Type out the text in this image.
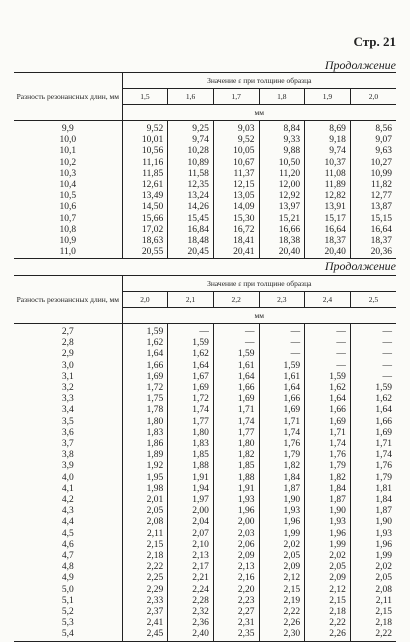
Стр. 21
Продолжение
Разность резонансных длин, мм	Значение ε при толщине образца					
	1,5	1,6	1,7	1,8	1,9	2,0
	мм					
9,9	9,52	9,25	9,03	8,84	8,69	8,56
10,0	10,01	9,74	9,52	9,33	9,18	9,07
10,1	10,56	10,28	10,05	9,88	9,74	9,63
10,2	11,16	10,89	10,67	10,50	10,37	10,27
10,3	11,85	11,58	11,37	11,20	11,08	10,99
10,4	12,61	12,35	12,15	12,00	11,89	11,82
10,5	13,49	13,24	13,05	12,92	12,82	12,77
10,6	14,50	14,26	14,09	13,97	13,91	13,87
10,7	15,66	15,45	15,30	15,21	15,17	15,15
10,8	17,02	16,84	16,72	16,66	16,64	16,64
10,9	18,63	18,48	18,41	18,38	18,37	18,37
11,0	20,55	20,45	20,41	20,40	20,40	20,36
Продолжение
Разность резонансных длин, мм	Значение ε при толщине образца					
	2,0	2,1	2,2	2,3	2,4	2,5
	мм					
2,7	1,59	—	—	—	—	—
2,8	1,62	1,59	—	—	—	—
2,9	1,64	1,62	1,59	—	—	—
3,0	1,66	1,64	1,61	1,59	—	—
3,1	1,69	1,67	1,64	1,61	1,59	—
3,2	1,72	1,69	1,66	1,64	1,62	1,59
3,3	1,75	1,72	1,69	1,66	1,64	1,62
3,4	1,78	1,74	1,71	1,69	1,66	1,64
3,5	1,80	1,77	1,74	1,71	1,69	1,66
3,6	1,83	1,80	1,77	1,74	1,71	1,69
3,7	1,86	1,83	1,80	1,76	1,74	1,71
3,8	1,89	1,85	1,82	1,79	1,76	1,74
3,9	1,92	1,88	1,85	1,82	1,79	1,76
4,0	1,95	1,91	1,88	1,84	1,82	1,79
4,1	1,98	1,94	1,91	1,87	1,84	1,81
4,2	2,01	1,97	1,93	1,90	1,87	1,84
4,3	2,05	2,00	1,96	1,93	1,90	1,87
4,4	2,08	2,04	2,00	1,96	1,93	1,90
4,5	2,11	2,07	2,03	1,99	1,96	1,93
4,6	2,15	2,10	2,06	2,02	1,99	1,96
4,7	2,18	2,13	2,09	2,05	2,02	1,99
4,8	2,22	2,17	2,13	2,09	2,05	2,02
4,9	2,25	2,21	2,16	2,12	2,09	2,05
5,0	2,29	2,24	2,20	2,15	2,12	2,08
5,1	2,33	2,28	2,23	2,19	2,15	2,11
5,2	2,37	2,32	2,27	2,22	2,18	2,15
5,3	2,41	2,36	2,31	2,26	2,22	2,18
5,4	2,45	2,40	2,35	2,30	2,26	2,22
